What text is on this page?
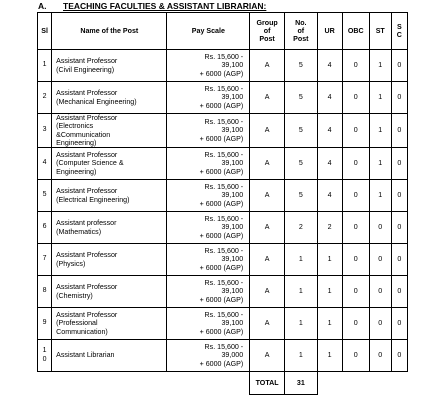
A. TEACHING FACULTIES & ASSISTANT LIBRARIAN:
Sl	Name of the Post	Pay Scale	Group
of
Post	No.
of
Post	UR	OBC	ST	S
C

1	Assistant Professor
(Civil Engineering)	Rs. 15,600 -
39,100
+ 6000 (AGP)	A	5	4	0	1	0

2	Assistant Professor
(Mechanical Engineering)	Rs. 15,600 -
39,100
+ 6000 (AGP)	A	5	4	0	1	0

3	Assistant Professor
(Electronics
&Communication
Engineering)	Rs. 15,600 -
39,100
+ 6000 (AGP)	A	5	4	0	1	0

4	Assistant Professor
(Computer Science &
Engineering)	Rs. 15,600 -
39,100
+ 6000 (AGP)	A	5	4	0	1	0

5	Assistant Professor
(Electrical Engineering)	Rs. 15,600 -
39,100
+ 6000 (AGP)	A	5	4	0	1	0

6	Assistant professor
(Mathematics)	Rs. 15,600 -
39,100
+ 6000 (AGP)	A	2	2	0	0	0

7	Assistant Professor
(Physics)	Rs. 15,600 -
39,100
+ 6000 (AGP)	A	1	1	0	0	0

8	Assistant Professor
(Chemistry)	Rs. 15,600 -
39,100
+ 6000 (AGP)	A	1	1	0	0	0

9	Assistant Professor
(Professional
Communication)	Rs. 15,600 -
39,100
+ 6000 (AGP)	A	1	1	0	0	0

1
0	Assistant Librarian	Rs. 15,600 -
39,000
+ 6000 (AGP)	A	1	1	0	0	0
			TOTAL	31				
